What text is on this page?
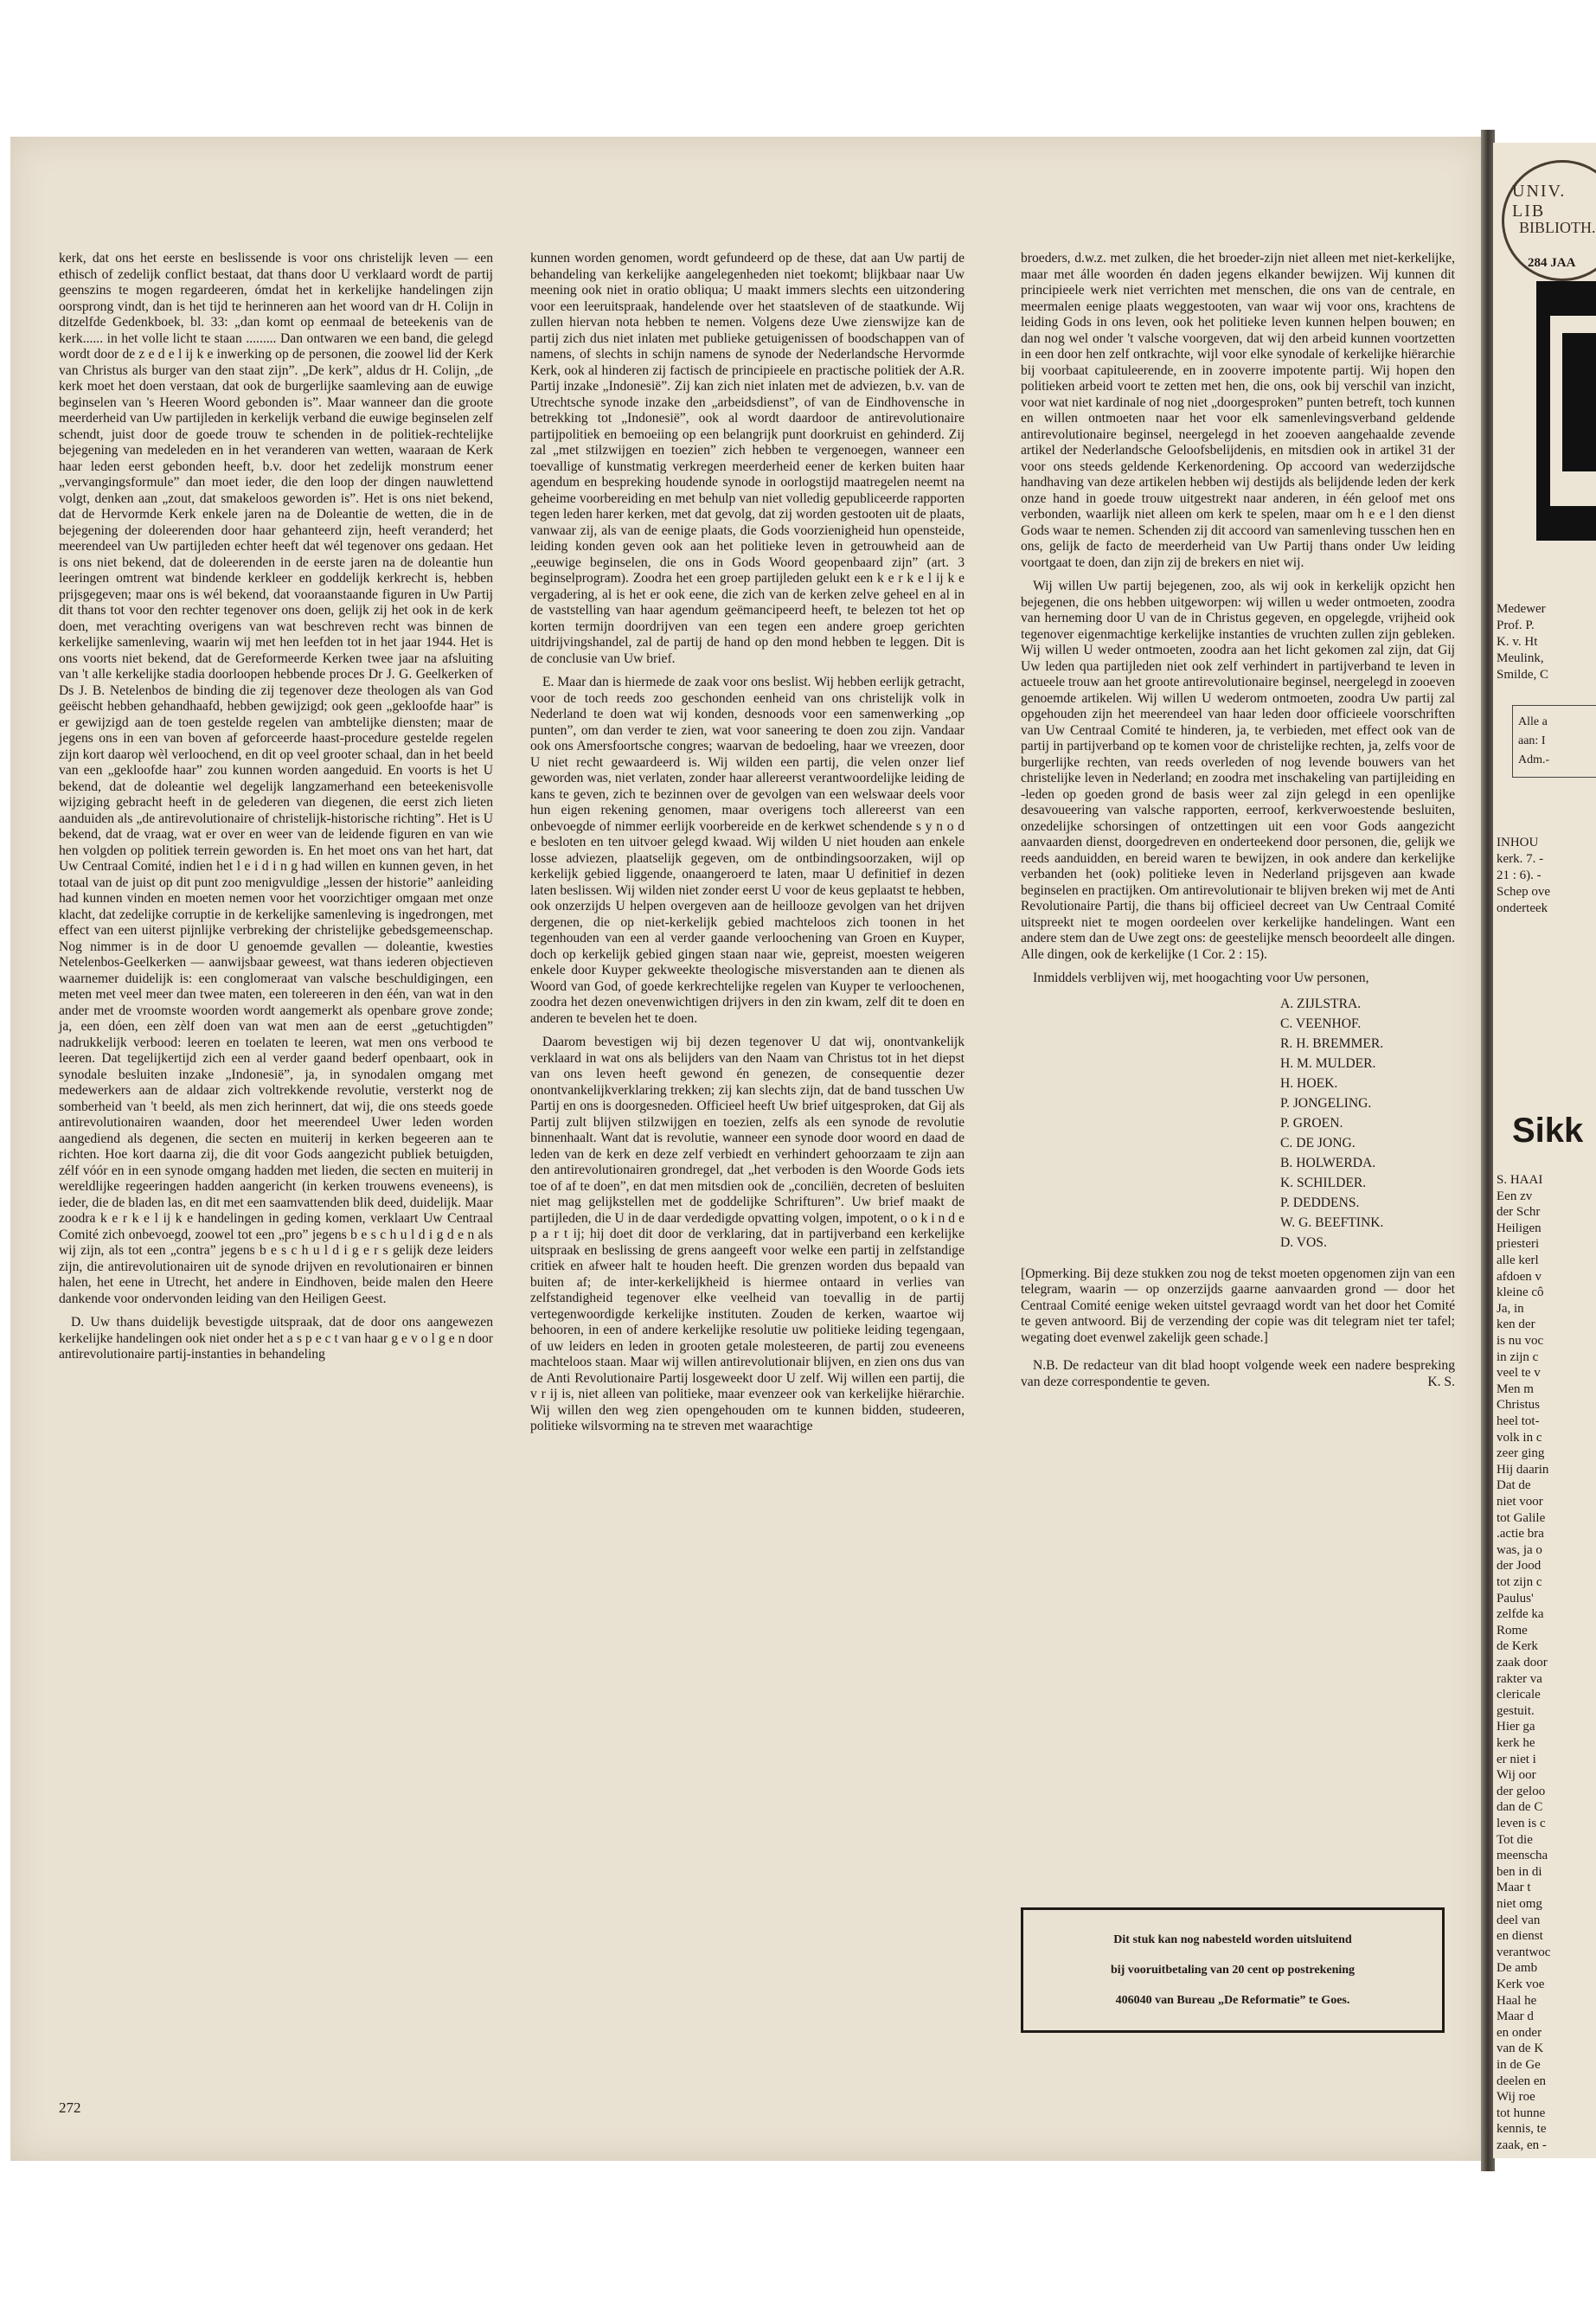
kerk, dat ons het eerste en beslissende is voor ons christelijk leven — een ethisch of zedelijk conflict bestaat, dat thans door U verklaard wordt de partij geenszins te mogen regardeeren, ómdat het in kerkelijke handelingen zijn oorsprong vindt, dan is het tijd te herinneren aan het woord van dr H. Colijn in ditzelfde Gedenkboek, bl. 33: „dan komt op eenmaal de beteekenis van de kerk...... in het volle licht te staan ......... Dan ontwaren we een band, die gelegd wordt door de z e d e l ij k e inwerking op de personen, die zoowel lid der Kerk van Christus als burger van den staat zijn”. „De kerk”, aldus dr H. Colijn, „de kerk moet het doen verstaan, dat ook de burgerlijke saamleving aan de euwige beginselen van 's Heeren Woord gebonden is”. Maar wanneer dan die groote meerderheid van Uw partijleden in kerkelijk verband die euwige beginselen zelf schendt, juist door de goede trouw te schenden in de politiek-rechtelijke bejegening van medeleden en in het veranderen van wetten, waaraan de Kerk haar leden eerst gebonden heeft, b.v. door het zedelijk monstrum eener „vervangingsformule” dan moet ieder, die den loop der dingen nauwlettend volgt, denken aan „zout, dat smakeloos geworden is”. Het is ons niet bekend, dat de Hervormde Kerk enkele jaren na de Doleantie de wetten, die in de bejegening der doleerenden door haar gehanteerd zijn, heeft veranderd; het meerendeel van Uw partijleden echter heeft dat wél tegenover ons gedaan. Het is ons niet bekend, dat de doleerenden in de eerste jaren na de doleantie hun leeringen omtrent wat bindende kerkleer en goddelijk kerkrecht is, hebben prijsgegeven; maar ons is wél bekend, dat vooraanstaande figuren in Uw Partij dit thans tot voor den rechter tegenover ons doen, gelijk zij het ook in de kerk doen, met verachting overigens van wat beschreven recht was binnen de kerkelijke samenleving, waarin wij met hen leefden tot in het jaar 1944. Het is ons voorts niet bekend, dat de Gereformeerde Kerken twee jaar na afsluiting van 't alle kerkelijke stadia doorloopen hebbende proces Dr J. G. Geelkerken of Ds J. B. Netelenbos de binding die zij tegenover deze theologen als van God geëischt hebben gehandhaafd, hebben gewijzigd; ook geen „gekloofde haar” is er gewijzigd aan de toen gestelde regelen van ambtelijke diensten; maar de jegens ons in een van boven af geforceerde haast-procedure gestelde regelen zijn kort daarop wèl verloochend, en dit op veel grooter schaal, dan in het beeld van een „gekloofde haar” zou kunnen worden aangeduid. En voorts is het U bekend, dat de doleantie wel degelijk langzamerhand een beteekenisvolle wijziging gebracht heeft in de gelederen van diegenen, die eerst zich lieten aanduiden als „de antirevolutionaire of christelijk-historische richting”. Het is U bekend, dat de vraag, wat er over en weer van de leidende figuren en van wie hen volgden op politiek terrein geworden is. En het moet ons van het hart, dat Uw Centraal Comité, indien het l e i d i n g had willen en kunnen geven, in het totaal van de juist op dit punt zoo menigvuldige „lessen der historie” aanleiding had kunnen vinden en moeten nemen voor het voorzichtiger omgaan met onze klacht, dat zedelijke corruptie in de kerkelijke samenleving is ingedrongen, met effect van een uiterst pijnlijke verbreking der christelijke gebedsgemeenschap. Nog nimmer is in de door U genoemde gevallen — doleantie, kwesties Netelenbos-Geelkerken — aanwijsbaar geweest, wat thans iederen objectieven waarnemer duidelijk is: een conglomeraat van valsche beschuldigingen, een meten met veel meer dan twee maten, een tolereeren in den één, van wat in den ander met de vroomste woorden wordt aangemerkt als openbare grove zonde; ja, een dóen, een zèlf doen van wat men aan de eerst „getuchtigden” nadrukkelijk verbood: leeren en toelaten te leeren, wat men ons verbood te leeren. Dat tegelijkertijd zich een al verder gaand bederf openbaart, ook in synodale besluiten inzake „Indonesië”, ja, in synodalen omgang met medewerkers aan de aldaar zich voltrekkende revolutie, versterkt nog de somberheid van 't beeld, als men zich herinnert, dat wij, die ons steeds goede antirevolutionairen waanden, door het meerendeel Uwer leden worden aangediend als degenen, die secten en muiterij in kerken begeeren aan te richten. Hoe kort daarna zij, die dit voor Gods aangezicht publiek betuigden, zélf vóór en in een synode omgang hadden met lieden, die secten en muiterij in wereldlijke regeeringen hadden aangericht (in kerken trouwens eveneens), is ieder, die de bladen las, en dit met een saamvattenden blik deed, duidelijk. Maar zoodra k e r k e l ij k e handelingen in geding komen, verklaart Uw Centraal Comité zich onbevoegd, zoowel tot een „pro” jegens b e s c h u l d i g d e n als wij zijn, als tot een „contra” jegens b e s c h u l d i g e r s gelijk deze leiders zijn, die antirevolutionairen uit de synode drijven en revolutionairen er binnen halen, het eene in Utrecht, het andere in Eindhoven, beide malen den Heere dankende voor ondervonden leiding van den Heiligen Geest.

D. Uw thans duidelijk bevestigde uitspraak, dat de door ons aangewezen kerkelijke handelingen ook niet onder het a s p e c t van haar g e v o l g e n door antirevolutionaire partij-instanties in behandeling

kunnen worden genomen, wordt gefundeerd op de these, dat aan Uw partij de behandeling van kerkelijke aangelegenheden niet toekomt; blijkbaar naar Uw meening ook niet in oratio obliqua; U maakt immers slechts een uitzondering voor een leeruitspraak, handelende over het staatsleven of de staatkunde. Wij zullen hiervan nota hebben te nemen. Volgens deze Uwe zienswijze kan de partij zich dus niet inlaten met publieke getuigenissen of boodschappen van of namens, of slechts in schijn namens de synode der Nederlandsche Hervormde Kerk, ook al hinderen zij factisch de principieele en practische politiek der A.R. Partij inzake „Indonesië”. Zij kan zich niet inlaten met de adviezen, b.v. van de Utrechtsche synode inzake den „arbeidsdienst”, of van de Eindhovensche in betrekking tot „Indonesië”, ook al wordt daardoor de antirevolutionaire partijpolitiek en bemoeiing op een belangrijk punt doorkruist en gehinderd. Zij zal „met stilzwijgen en toezien” zich hebben te vergenoegen, wanneer een toevallige of kunstmatig verkregen meerderheid eener de kerken buiten haar agendum en bespreking houdende synode in oorlogstijd maatregelen neemt na geheime voorbereiding en met behulp van niet volledig gepubliceerde rapporten tegen leden harer kerken, met dat gevolg, dat zij worden gestooten uit de plaats, vanwaar zij, als van de eenige plaats, die Gods voorzienigheid hun opensteide, leiding konden geven ook aan het politieke leven in getrouwheid aan de „eeuwige beginselen, die ons in Gods Woord geopenbaard zijn” (art. 3 beginselprogram). Zoodra het een groep partijleden gelukt een k e r k e l ij k e vergadering, al is het er ook eene, die zich van de kerken zelve geheel en al in de vaststelling van haar agendum geëmancipeerd heeft, te belezen tot het op korten termijn doordrijven van een tegen een andere groep gerichten uitdrijvingshandel, zal de partij de hand op den mond hebben te leggen. Dit is de conclusie van Uw brief.

E. Maar dan is hiermede de zaak voor ons beslist. Wij hebben eerlijk getracht, voor de toch reeds zoo geschonden eenheid van ons christelijk volk in Nederland te doen wat wij konden, desnoods voor een samenwerking „op punten”, om dan verder te zien, wat voor saneering te doen zou zijn. Vandaar ook ons Amersfoortsche congres; waarvan de bedoeling, haar we vreezen, door U niet recht gewaardeerd is. Wij wilden een partij, die velen onzer lief geworden was, niet verlaten, zonder haar allereerst verantwoordelijke leiding de kans te geven, zich te bezinnen over de gevolgen van een welswaar deels voor hun eigen rekening genomen, maar overigens toch allereerst van een onbevoegde of nimmer eerlijk voorbereide en de kerkwet schendende s y n o d e besloten en ten uitvoer gelegd kwaad. Wij wilden U niet houden aan enkele losse adviezen, plaatselijk gegeven, om de ontbindingsoorzaken, wijl op kerkelijk gebied liggende, onaangeroerd te laten, maar U definitief in dezen laten beslissen. Wij wilden niet zonder eerst U voor de keus geplaatst te hebben, ook onzerzijds U helpen overgeven aan de heillooze gevolgen van het drijven dergenen, die op niet-kerkelijk gebied machteloos zich toonen in het tegenhouden van een al verder gaande verloochening van Groen en Kuyper, doch op kerkelijk gebied gingen staan naar wie, gepreist, moesten weigeren enkele door Kuyper gekweekte theologische misverstanden aan te dienen als Woord van God, of goede kerkrechtelijke regelen van Kuyper te verloochenen, zoodra het dezen onevenwichtigen drijvers in den zin kwam, zelf dit te doen en anderen te bevelen het te doen.

Daarom bevestigen wij bij dezen tegenover U dat wij, onontvankelijk verklaard in wat ons als belijders van den Naam van Christus tot in het diepst van ons leven heeft gewond én genezen, de consequentie dezer onontvankelijkverklaring trekken; zij kan slechts zijn, dat de band tusschen Uw Partij en ons is doorgesneden. Officieel heeft Uw brief uitgesproken, dat Gij als Partij zult blijven stilzwijgen en toezien, zelfs als een synode de revolutie binnenhaalt. Want dat is revolutie, wanneer een synode door woord en daad de leden van de kerk en deze zelf verbiedt en verhindert gehoorzaam te zijn aan den antirevolutionairen grondregel, dat „het verboden is den Woorde Gods iets toe of af te doen”, en dat men mitsdien ook de „conciliën, decreten of besluiten niet mag gelijkstellen met de goddelijke Schrifturen”. Uw brief maakt de partijleden, die U in de daar verdedigde opvatting volgen, impotent, o o k i n d e p a r t ij; hij doet dit door de verklaring, dat in partijverband een kerkelijke uitspraak en beslissing de grens aangeeft voor welke een partij in zelfstandige critiek en afweer halt te houden heeft. Die grenzen worden dus bepaald van buiten af; de inter-kerkelijkheid is hiermee ontaard in verlies van zelfstandigheid tegenover elke veelheid van toevallig in de partij vertegenwoordigde kerkelijke instituten. Zouden de kerken, waartoe wij behooren, in een of andere kerkelijke resolutie uw politieke leiding tegengaan, of uw leiders en leden in grooten getale molesteeren, de partij zou eveneens machteloos staan. Maar wij willen antirevolutionair blijven, en zien ons dus van de Anti Revolutionaire Partij losgeweekt door U zelf. Wij willen een partij, die v r ij is, niet alleen van politieke, maar evenzeer ook van kerkelijke hiërarchie. Wij willen den weg zien opengehouden om te kunnen bidden, studeeren, politieke wilsvorming na te streven met waarachtige

broeders, d.w.z. met zulken, die het broeder-zijn niet alleen met niet-kerkelijke, maar met álle woorden én daden jegens elkander bewijzen. Wij kunnen dit principieele werk niet verrichten met menschen, die ons van de centrale, en meermalen eenige plaats weggestooten, van waar wij voor ons, krachtens de leiding Gods in ons leven, ook het politieke leven kunnen helpen bouwen; en dan nog wel onder 't valsche voorgeven, dat wij den arbeid kunnen voortzetten in een door hen zelf ontkrachte, wijl voor elke synodale of kerkelijke hiërarchie bij voorbaat capituleerende, en in zooverre impotente partij. Wij hopen den politieken arbeid voort te zetten met hen, die ons, ook bij verschil van inzicht, voor wat niet kardinale of nog niet „doorgesproken” punten betreft, toch kunnen en willen ontmoeten naar het voor elk samenlevingsverband geldende antirevolutionaire beginsel, neergelegd in het zooeven aangehaalde zevende artikel der Nederlandsche Geloofsbelijdenis, en mitsdien ook in artikel 31 der voor ons steeds geldende Kerkenordening. Op accoord van wederzijdsche handhaving van deze artikelen hebben wij destijds als belijdende leden der kerk onze hand in goede trouw uitgestrekt naar anderen, in één geloof met ons verbonden, waarlijk niet alleen om kerk te spelen, maar om h e e l den dienst Gods waar te nemen. Schenden zij dit accoord van samenleving tusschen hen en ons, gelijk de facto de meerderheid van Uw Partij thans onder Uw leiding voortgaat te doen, dan zijn zij de brekers en niet wij.

Wij willen Uw partij bejegenen, zoo, als wij ook in kerkelijk opzicht hen bejegenen, die ons hebben uitgeworpen: wij willen u weder ontmoeten, zoodra van herneming door U van de in Christus gegeven, en opgelegde, vrijheid ook tegenover eigenmachtige kerkelijke instanties de vruchten zullen zijn gebleken. Wij willen U weder ontmoeten, zoodra aan het licht gekomen zal zijn, dat Gij Uw leden qua partijleden niet ook zelf verhindert in partijverband te leven in actueele trouw aan het groote antirevolutionaire beginsel, neergelegd in zooeven genoemde artikelen. Wij willen U wederom ontmoeten, zoodra Uw partij zal opgehouden zijn het meerendeel van haar leden door officieele voorschriften van Uw Centraal Comité te hinderen, ja, te verbieden, met effect ook van de partij in partijverband op te komen voor de christelijke rechten, ja, zelfs voor de burgerlijke rechten, van reeds overleden of nog levende bouwers van het christelijke leven in Nederland; en zoodra met inschakeling van partijleiding en -leden op goeden grond de basis weer zal zijn gelegd in een openlijke desavoueering van valsche rapporten, eerroof, kerkverwoestende besluiten, onzedelijke schorsingen of ontzettingen uit een voor Gods aangezicht aanvaarden dienst, doorgedreven en onderteekend door personen, die, gelijk we reeds aanduidden, en bereid waren te bewijzen, in ook andere dan kerkelijke verbanden het (ook) politieke leven in Nederland prijsgeven aan kwade beginselen en practijken. Om antirevolutionair te blijven breken wij met de Anti Revolutionaire Partij, die thans bij officieel decreet van Uw Centraal Comité uitspreekt niet te mogen oordeelen over kerkelijke handelingen. Want een andere stem dan de Uwe zegt ons: de geestelijke mensch beoordeelt alle dingen. Alle dingen, ook de kerkelijke (1 Cor. 2 : 15).

Inmiddels verblijven wij, met hoogachting voor Uw personen,

A. ZIJLSTRA.
C. VEENHOF.
R. H. BREMMER.
H. M. MULDER.
H. HOEK.
P. JONGELING.
P. GROEN.
C. DE JONG.
B. HOLWERDA.
K. SCHILDER.
P. DEDDENS.
W. G. BEEFTINK.
D. VOS.

[Opmerking. Bij deze stukken zou nog de tekst moeten opgenomen zijn van een telegram, waarin — op onzerzijds gaarne aanvaarden grond — door het Centraal Comité eenige weken uitstel gevraagd wordt van het door het Comité te geven antwoord. Bij de verzending der copie was dit telegram niet ter tafel; wegating doet evenwel zakelijk geen schade.]

N.B. De redacteur van dit blad hoopt volgende week een nadere bespreking van deze correspondentie te geven.	K. S.

Dit stuk kan nog nabesteld worden uitsluitend
bij vooruitbetaling van 20 cent op postrekening
406040 van Bureau „De Reformatie” te Goes.
272
UNIV. LIB
BIBLIOTH.
284 JAA
Medewer
Prof. P.
K. v. Ht
Meulink,
Smilde, C
Alle a
aan: I
Adm.-
INHOU
kerk. 7. -
21 : 6). -
Schep ove
onderteek
Sikk
S. HAAI
Een zv
der Schr
Heiligen
priesteri
alle kerl
afdoen v
kleine cô
Ja, in
ken der
is nu voc
in zijn c
veel te v
Men m
Christus
heel tot-
volk in c
zeer ging
Hij daarin
Dat de
niet voor
tot Galile
.actie bra
was, ja o
der Jood
tot zijn c
Paulus'
zelfde ka
Rome
de Kerk
zaak door
rakter va
clericale
gestuit.
Hier ga
kerk he
er niet i
Wij oor
der geloo
dan de C
leven is c
Tot die
meenscha
ben in di
Maar t
niet omg
deel van
en dienst
verantwoc
De amb
Kerk voe
Haal he
Maar d
en onder
van de K
in de Ge
deelen en
Wij roe
tot hunne
kennis, te
zaak, en -
